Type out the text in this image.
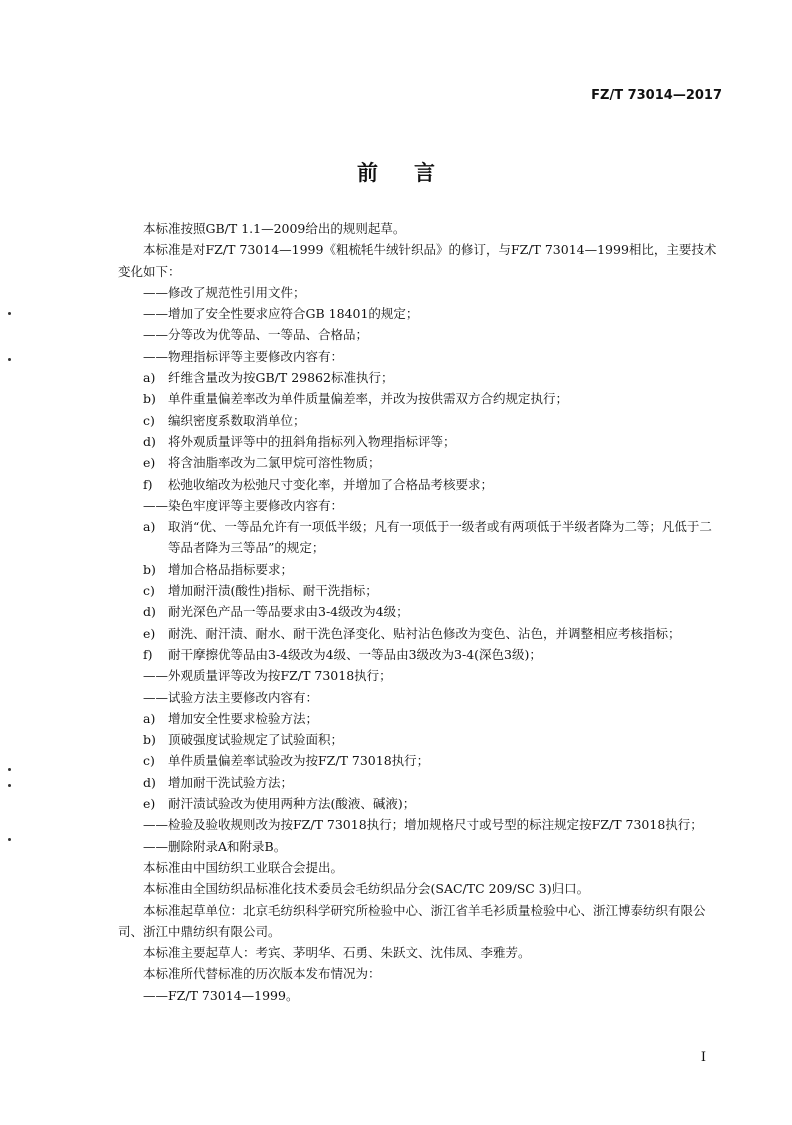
FZ/T 73014—2017
前 言
本标准按照GB/T 1.1—2009给出的规则起草。
本标准是对FZ/T 73014—1999《粗梳牦牛绒针织品》的修订，与FZ/T 73014—1999相比，主要技术变化如下：
——修改了规范性引用文件；
——增加了安全性要求应符合GB 18401的规定；
——分等改为优等品、一等品、合格品；
——物理指标评等主要修改内容有：
a) 纤维含量改为按GB/T 29862标准执行；
b) 单件重量偏差率改为单件质量偏差率，并改为按供需双方合约规定执行；
c) 编织密度系数取消单位；
d) 将外观质量评等中的扭斜角指标列入物理指标评等；
e) 将含油脂率改为二氯甲烷可溶性物质；
f) 松弛收缩改为松弛尺寸变化率，并增加了合格品考核要求；
——染色牢度评等主要修改内容有：
a) 取消“优、一等品允许有一项低半级；凡有一项低于一级者或有两项低于半级者降为二等；凡低于二等品者降为三等品”的规定；
b) 增加合格品指标要求；
c) 增加耐汗渍(酸性)指标、耐干洗指标；
d) 耐光深色产品一等品要求由3-4级改为4级；
e) 耐洗、耐汗渍、耐水、耐干洗色泽变化、贴衬沾色修改为变色、沾色，并调整相应考核指标；
f) 耐干摩擦优等品由3-4级改为4级、一等品由3级改为3-4(深色3级)；
——外观质量评等改为按FZ/T 73018执行；
——试验方法主要修改内容有：
a) 增加安全性要求检验方法；
b) 顶破强度试验规定了试验面积；
c) 单件质量偏差率试验改为按FZ/T 73018执行；
d) 增加耐干洗试验方法；
e) 耐汗渍试验改为使用两种方法(酸液、碱液)；
——检验及验收规则改为按FZ/T 73018执行；增加规格尺寸或号型的标注规定按FZ/T 73018执行；
——删除附录A和附录B。
本标准由中国纺织工业联合会提出。
本标准由全国纺织品标准化技术委员会毛纺织品分会(SAC/TC 209/SC 3)归口。
本标准起草单位：北京毛纺织科学研究所检验中心、浙江省羊毛衫质量检验中心、浙江博泰纺织有限公司、浙江中鼎纺织有限公司。
本标准主要起草人：考宾、茅明华、石勇、朱跃文、沈伟凤、李雅芳。
本标准所代替标准的历次版本发布情况为：
——FZ/T 73014—1999。
I
